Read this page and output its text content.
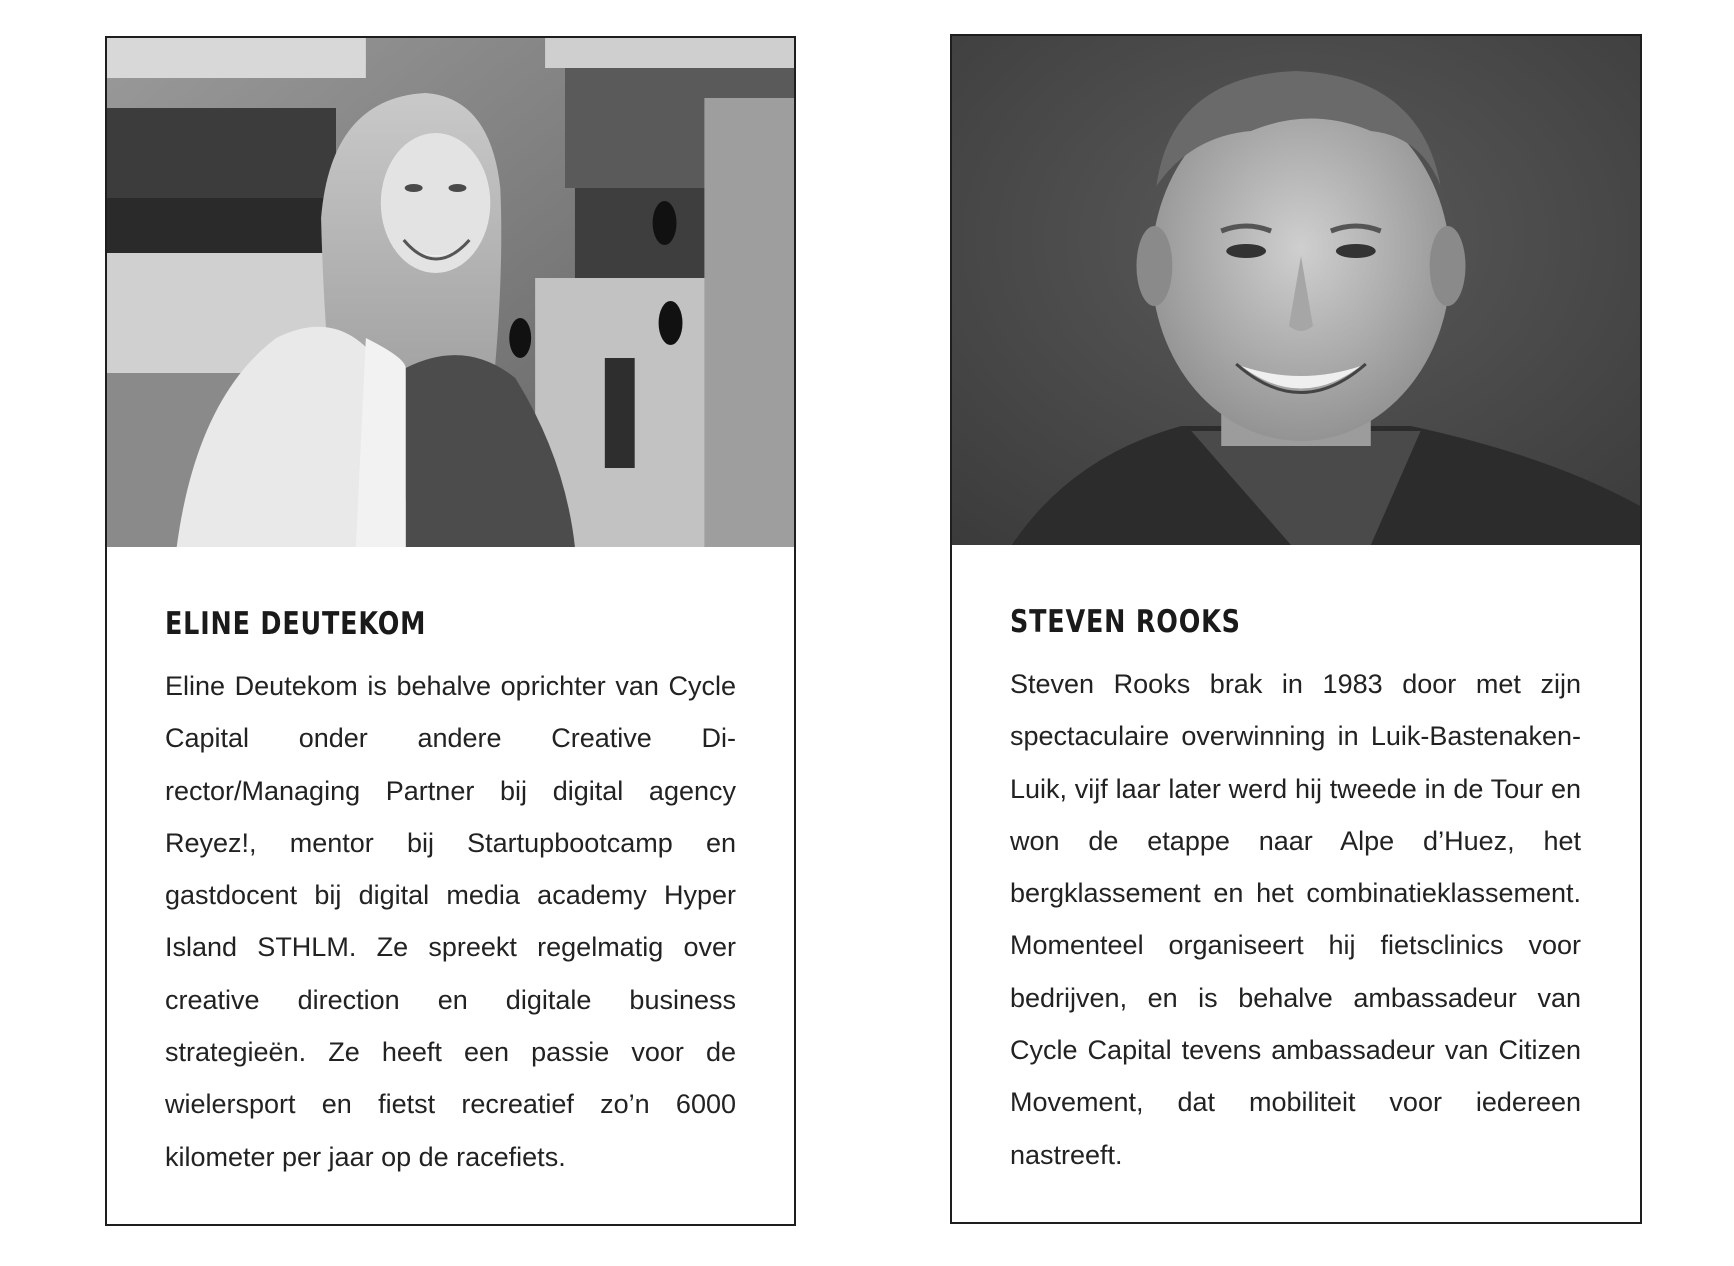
ELINE DEUTEKOM

Eline Deutekom is behalve oprichter van Cycle Capital onder andere Creative Director/Managing Partner bij digital agency Reyez!, mentor bij Startupbootcamp en gastdocent bij digital media academy Hyper Island STHLM. Ze spreekt regelmatig over creative direction en digitale business strategieën. Ze heeft een passie voor de wielersport en fietst recreatief zo’n 6000 kilometer per jaar op de racefiets.

STEVEN ROOKS

Steven Rooks brak in 1983 door met zijn spectaculaire overwinning in Luik-Bastenaken-Luik, vijf laar later werd hij tweede in de Tour en won de etappe naar Alpe d’Huez, het bergklassement en het combinatieklassement. Momenteel organiseert hij fietsclinics voor bedrijven, en is behalve ambassadeur van Cycle Capital tevens ambassadeur van Citizen Movement, dat mobiliteit voor iedereen nastreeft.
